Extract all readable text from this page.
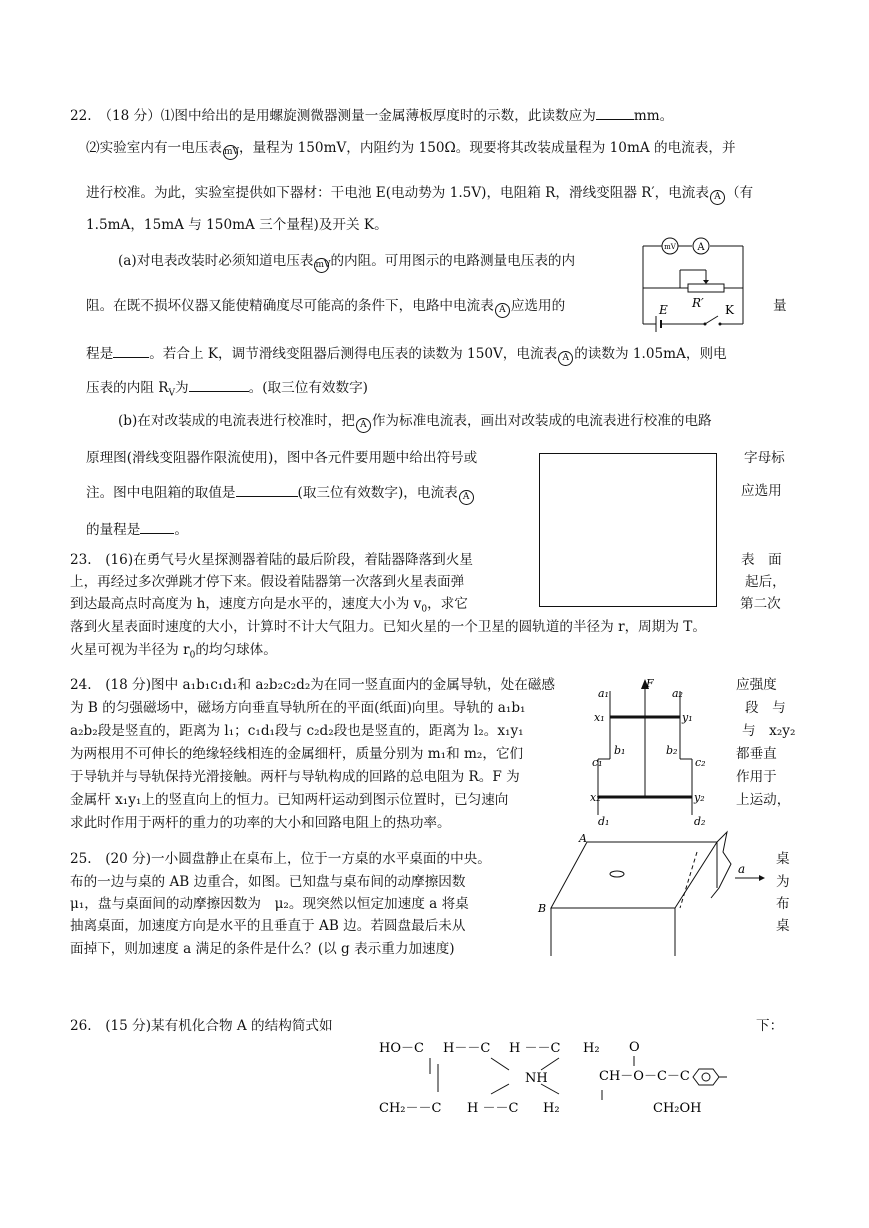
22.　（18 分）⑴图中给出的是用螺旋测微器测量一金属薄板厚度时的示数，此读数应为	mm。
⑵实验室内有一电压表 mV，量程为 150mV，内阻约为 150Ω。现要将其改装成量程为 10mA 的电流表，并
进行校准。为此，实验室提供如下器材：干电池 E(电动势为 1.5V)，电阻箱 R，滑线变阻器 R′，电流表 A （有
1.5mA，15mA 与 150mA 三个量程)及开关 K。
(a)对电表改装时必须知道电压表 mV的内阻。可用图示的电路测量电压表的内
阻。在既不损坏仪器又能使精确度尽可能高的条件下，电路中电流表 A 应选用的	量
mV A
R′
E	K
程是	。若合上 K，调节滑线变阻器后测得电压表的读数为 150V，电流表 A 的读数为 1.05mA，则电
压表的内阻 $R_V$为	。(取三位有效数字)
(b)在对改装成的电流表进行校准时，把 A 作为标准电流表，画出对改装成的电流表进行校准的电路
原理图(滑线变阻器作限流使用)，图中各元件要用题中给出符号或	字母标
注。图中电阻箱的取值是	(取三位有效数字)，电流表 A	应选用
的量程是	。
23.　(16)在勇气号火星探测器着陆的最后阶段，着陆器降落到火星	表　面
上，再经过多次弹跳才停下来。假设着陆器第一次落到火星表面弹	起后，
到达最高点时高度为 h，速度方向是水平的，速度大小为 $v_0$，求它	第二次
落到火星表面时速度的大小，计算时不计大气阻力。已知火星的一个卫星的圆轨道的半径为 r，周期为 T。
火星可视为半径为 $r_0$的均匀球体。
24.　(18 分)图中 a₁b₁c₁d₁和 a₂b₂c₂d₂为在同一竖直面内的金属导轨，处在磁感	应强度
为 B 的匀强磁场中，磁场方向垂直导轨所在的平面(纸面)向里。导轨的 a₁b₁	段　与
a₂b₂段是竖直的，距离为 l₁；c₁d₁段与 c₂d₂段也是竖直的，距离为 l₂。x₁y₁	与　x₂y₂
为两根用不可伸长的绝缘轻线相连的金属细杆，质量分别为 m₁和 m₂，它们	都垂直
于导轨并与导轨保持光滑接触。两杆与导轨构成的回路的总电阻为 R。F 为	作用于
金属杆 x₁y₁上的竖直向上的恒力。已知两杆运动到图示位置时，已匀速向	上运动，
求此时作用于两杆的重力的功率的大小和回路电阻上的热功率。
F
a₁	a₂
x₁	y₁
b₁	b₂
c₁	c₂
x₂	y₂
d₁	d₂
25.　(20 分)一小圆盘静止在桌布上，位于一方桌的水平桌面的中央。	桌
布的一边与桌的 AB 边重合，如图。已知盘与桌布间的动摩擦因数	为
μ₁，盘与桌面间的动摩擦因数为　μ₂。现突然以恒定加速度 a 将桌	布
抽离桌面，加速度方向是水平的且垂直于 AB 边。若圆盘最后未从	桌
面掉下，则加速度 a 满足的条件是什么？(以 g 表示重力加速度)
a
A
B
26.　(15 分)某有机化合物 A 的结构简式如	下：
HO－C H－－C H －－C H₂
NH
O
CH－O－C－C
CH₂OH
CH₂－－C H －－C H₂
